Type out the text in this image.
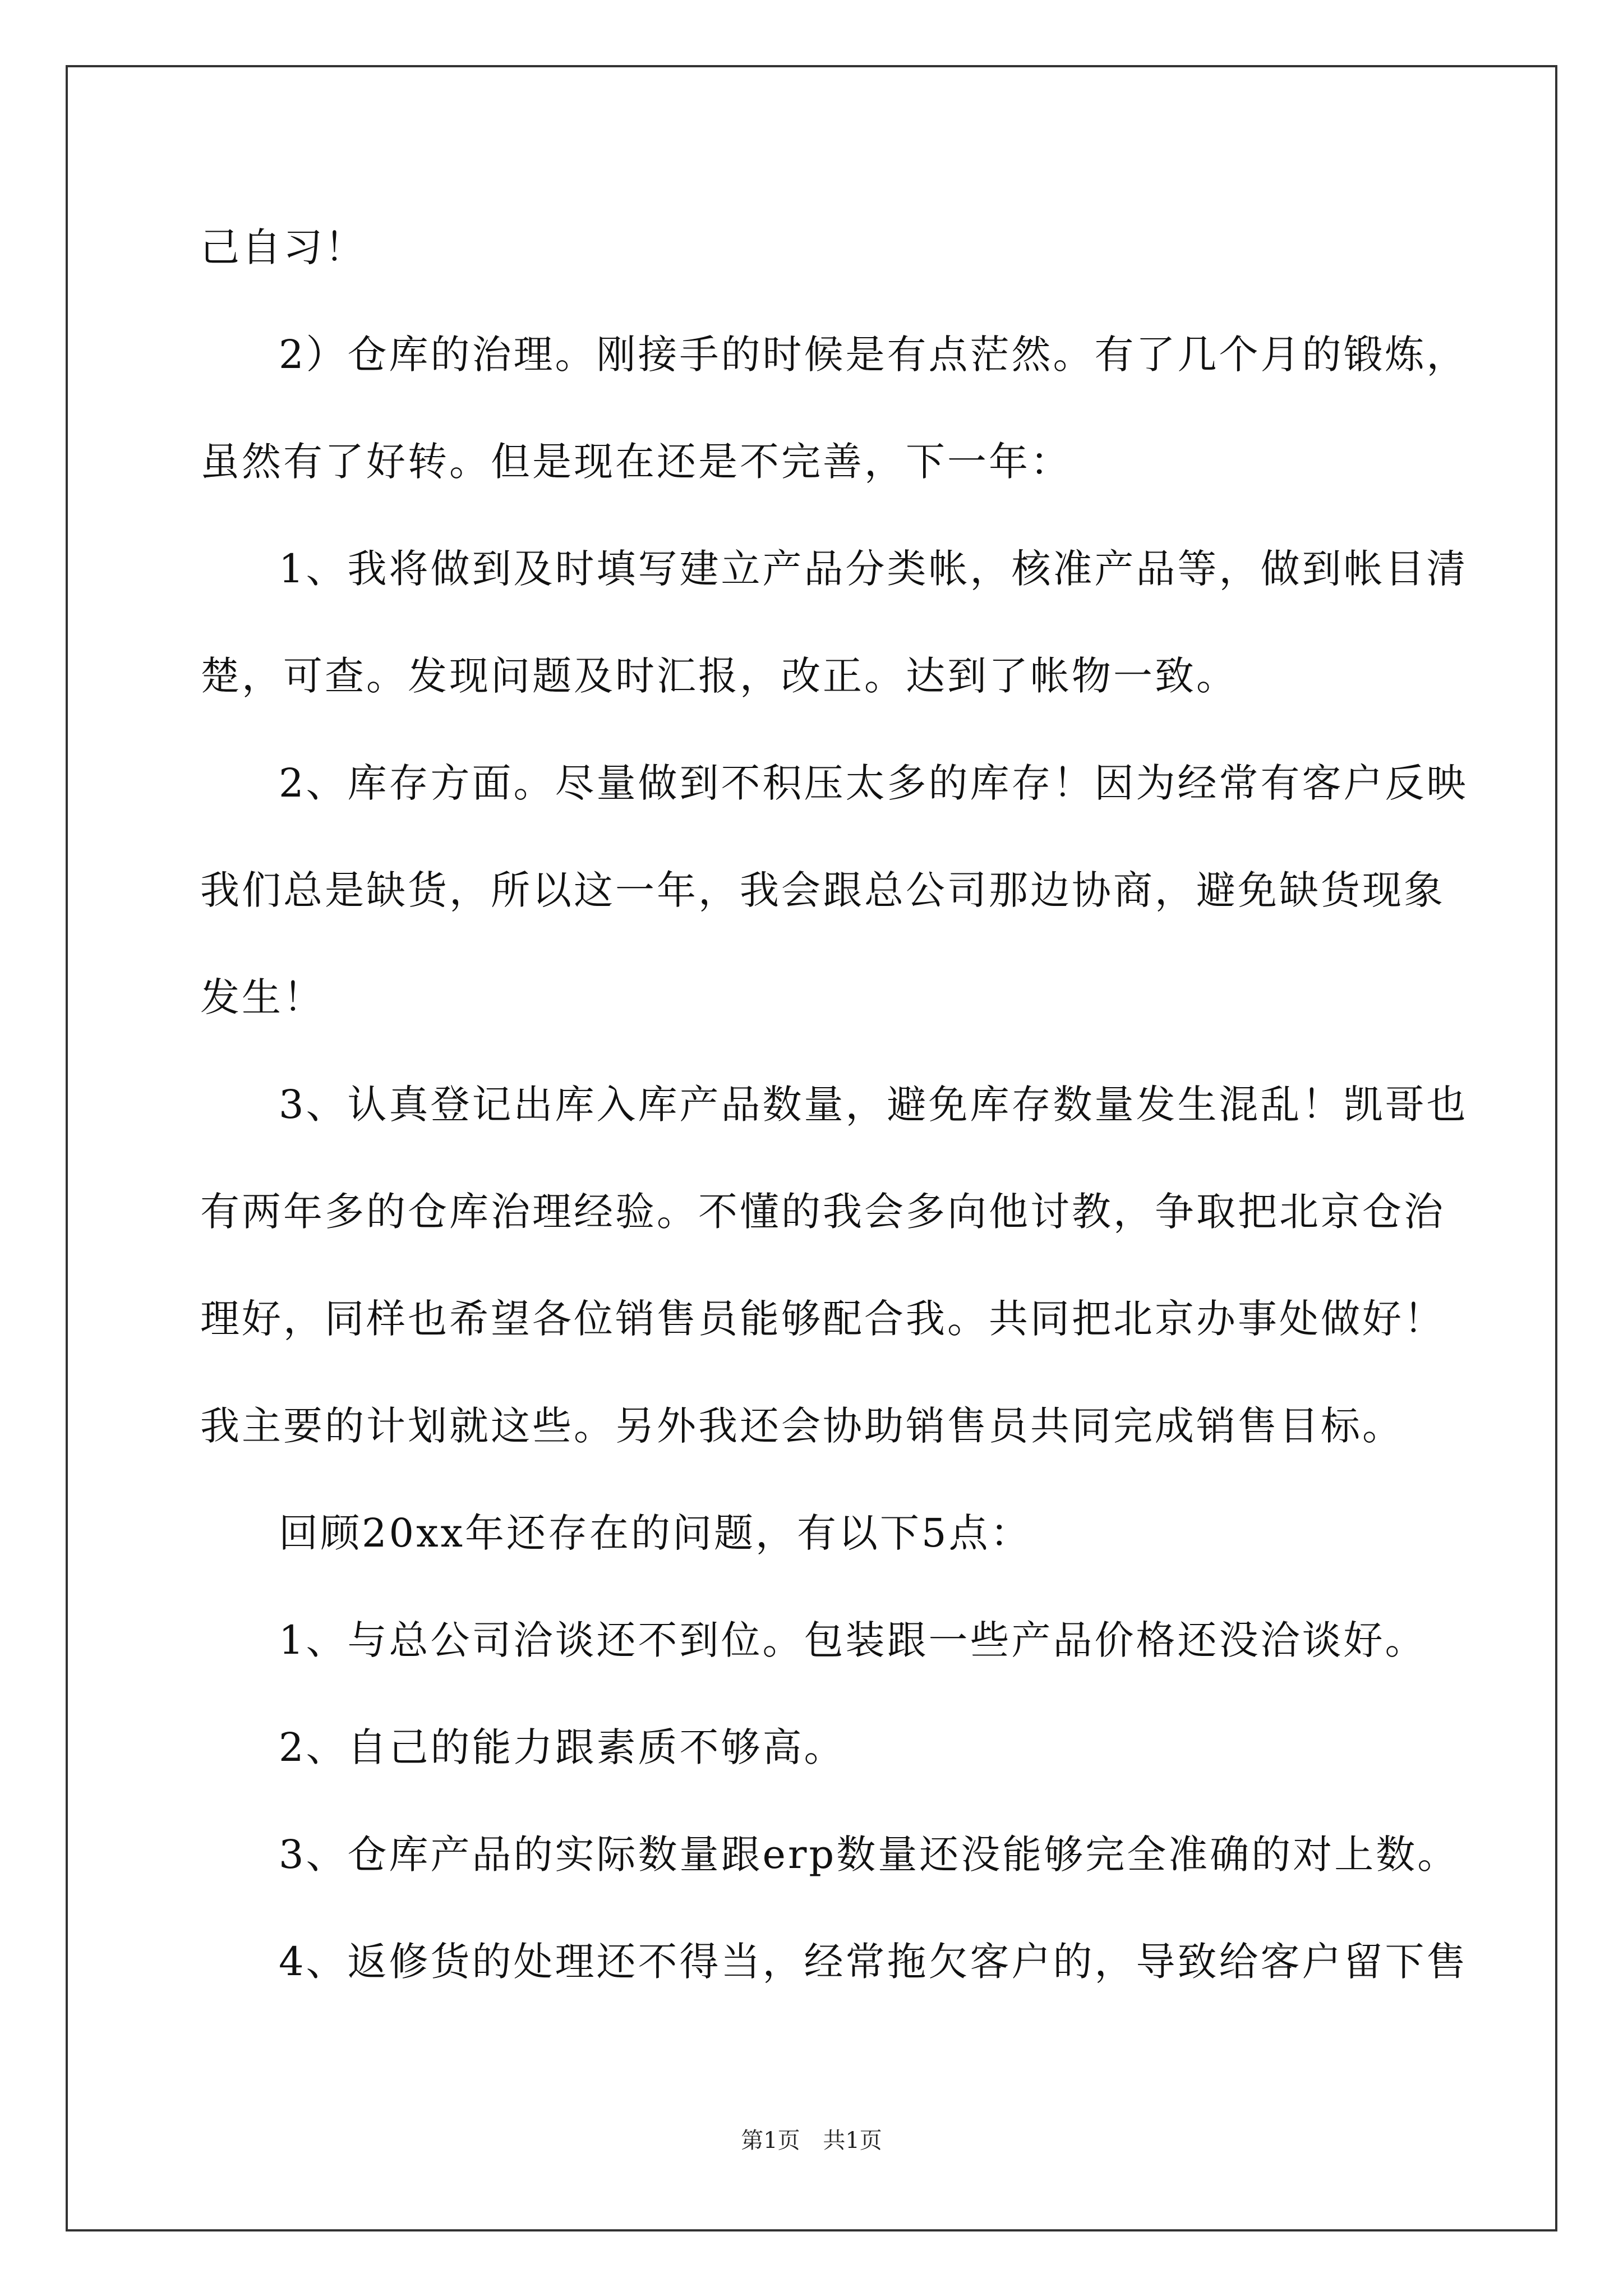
己自习！
2）仓库的治理。刚接手的时候是有点茫然。有了几个月的锻炼，
虽然有了好转。但是现在还是不完善，下一年：
1、我将做到及时填写建立产品分类帐，核准产品等，做到帐目清
楚，可查。发现问题及时汇报，改正。达到了帐物一致。
2、库存方面。尽量做到不积压太多的库存！因为经常有客户反映
我们总是缺货，所以这一年，我会跟总公司那边协商，避免缺货现象
发生！
3、认真登记出库入库产品数量，避免库存数量发生混乱！凯哥也
有两年多的仓库治理经验。不懂的我会多向他讨教，争取把北京仓治
理好，同样也希望各位销售员能够配合我。共同把北京办事处做好！
我主要的计划就这些。另外我还会协助销售员共同完成销售目标。
回顾20xx年还存在的问题，有以下5点：
1、与总公司洽谈还不到位。包装跟一些产品价格还没洽谈好。
2、自己的能力跟素质不够高。
3、仓库产品的实际数量跟erp数量还没能够完全准确的对上数。
4、返修货的处理还不得当，经常拖欠客户的，导致给客户留下售
第1页 共1页
